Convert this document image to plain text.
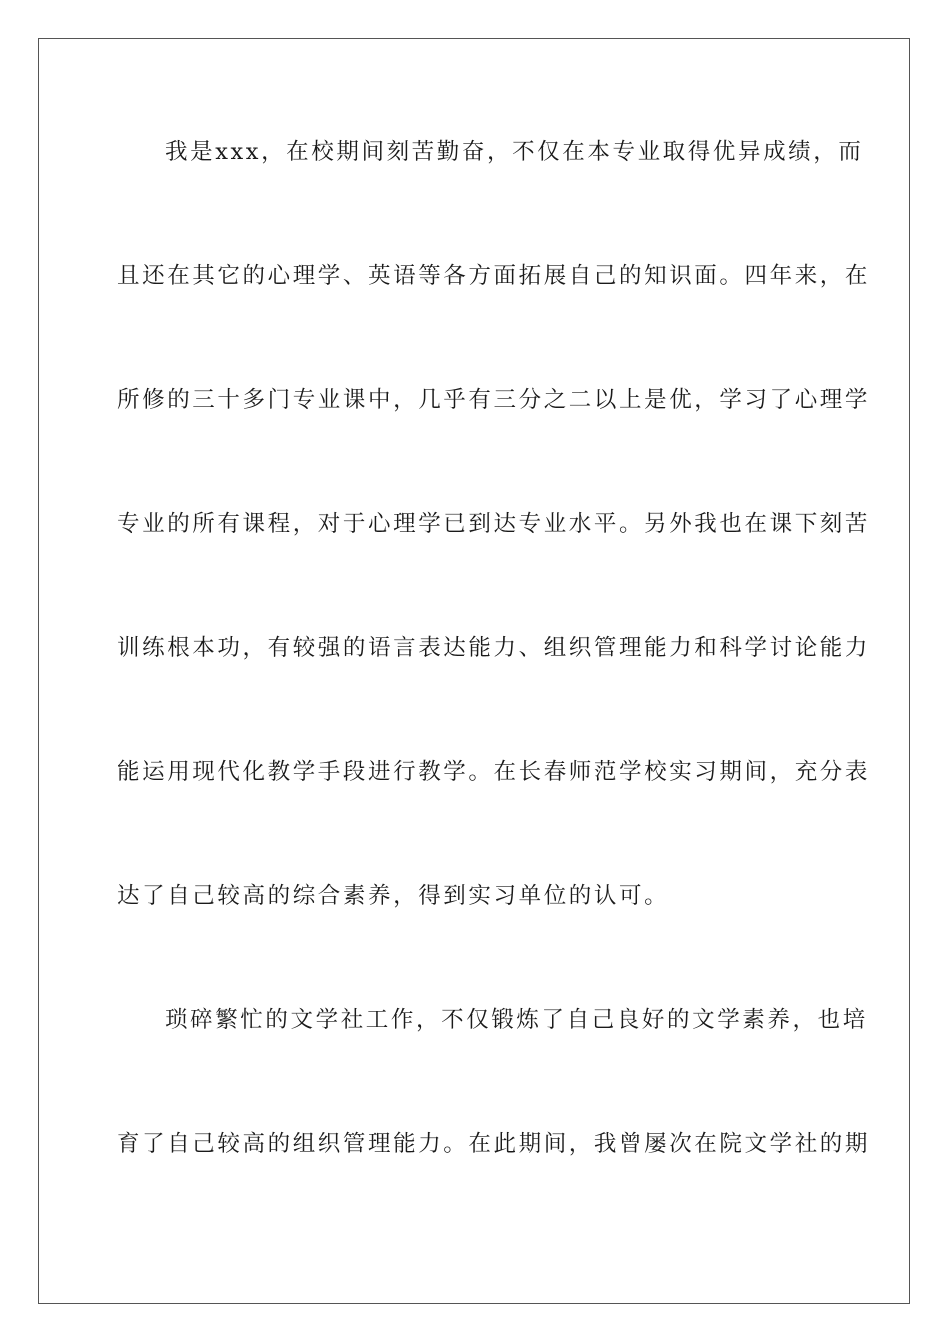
我是xxx，在校期间刻苦勤奋，不仅在本专业取得优异成绩，而
且还在其它的心理学、英语等各方面拓展自己的知识面。四年来，在
所修的三十多门专业课中，几乎有三分之二以上是优，学习了心理学
专业的所有课程，对于心理学已到达专业水平。另外我也在课下刻苦
训练根本功，有较强的语言表达能力、组织管理能力和科学讨论能力
能运用现代化教学手段进行教学。在长春师范学校实习期间，充分表
达了自己较高的综合素养，得到实习单位的认可。
琐碎繁忙的文学社工作，不仅锻炼了自己良好的文学素养，也培
育了自己较高的组织管理能力。在此期间，我曾屡次在院文学社的期
